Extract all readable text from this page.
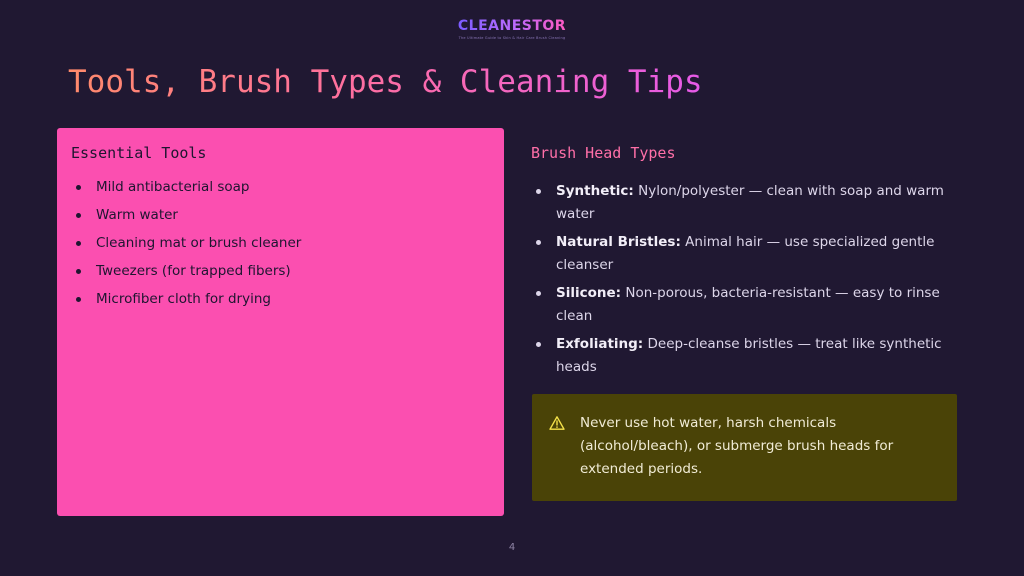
CLEANESTOR
The Ultimate Guide to Skin & Hair Care Brush Cleaning
Tools, Brush Types & Cleaning Tips
Essential Tools
Mild antibacterial soap
Warm water
Cleaning mat or brush cleaner
Tweezers (for trapped fibers)
Microfiber cloth for drying
Brush Head Types
Synthetic: Nylon/polyester — clean with soap and warm water
Natural Bristles: Animal hair — use specialized gentle cleanser
Silicone: Non-porous, bacteria-resistant — easy to rinse clean
Exfoliating: Deep-cleanse bristles — treat like synthetic heads
Never use hot water, harsh chemicals (alcohol/bleach), or submerge brush heads for extended periods.
4
